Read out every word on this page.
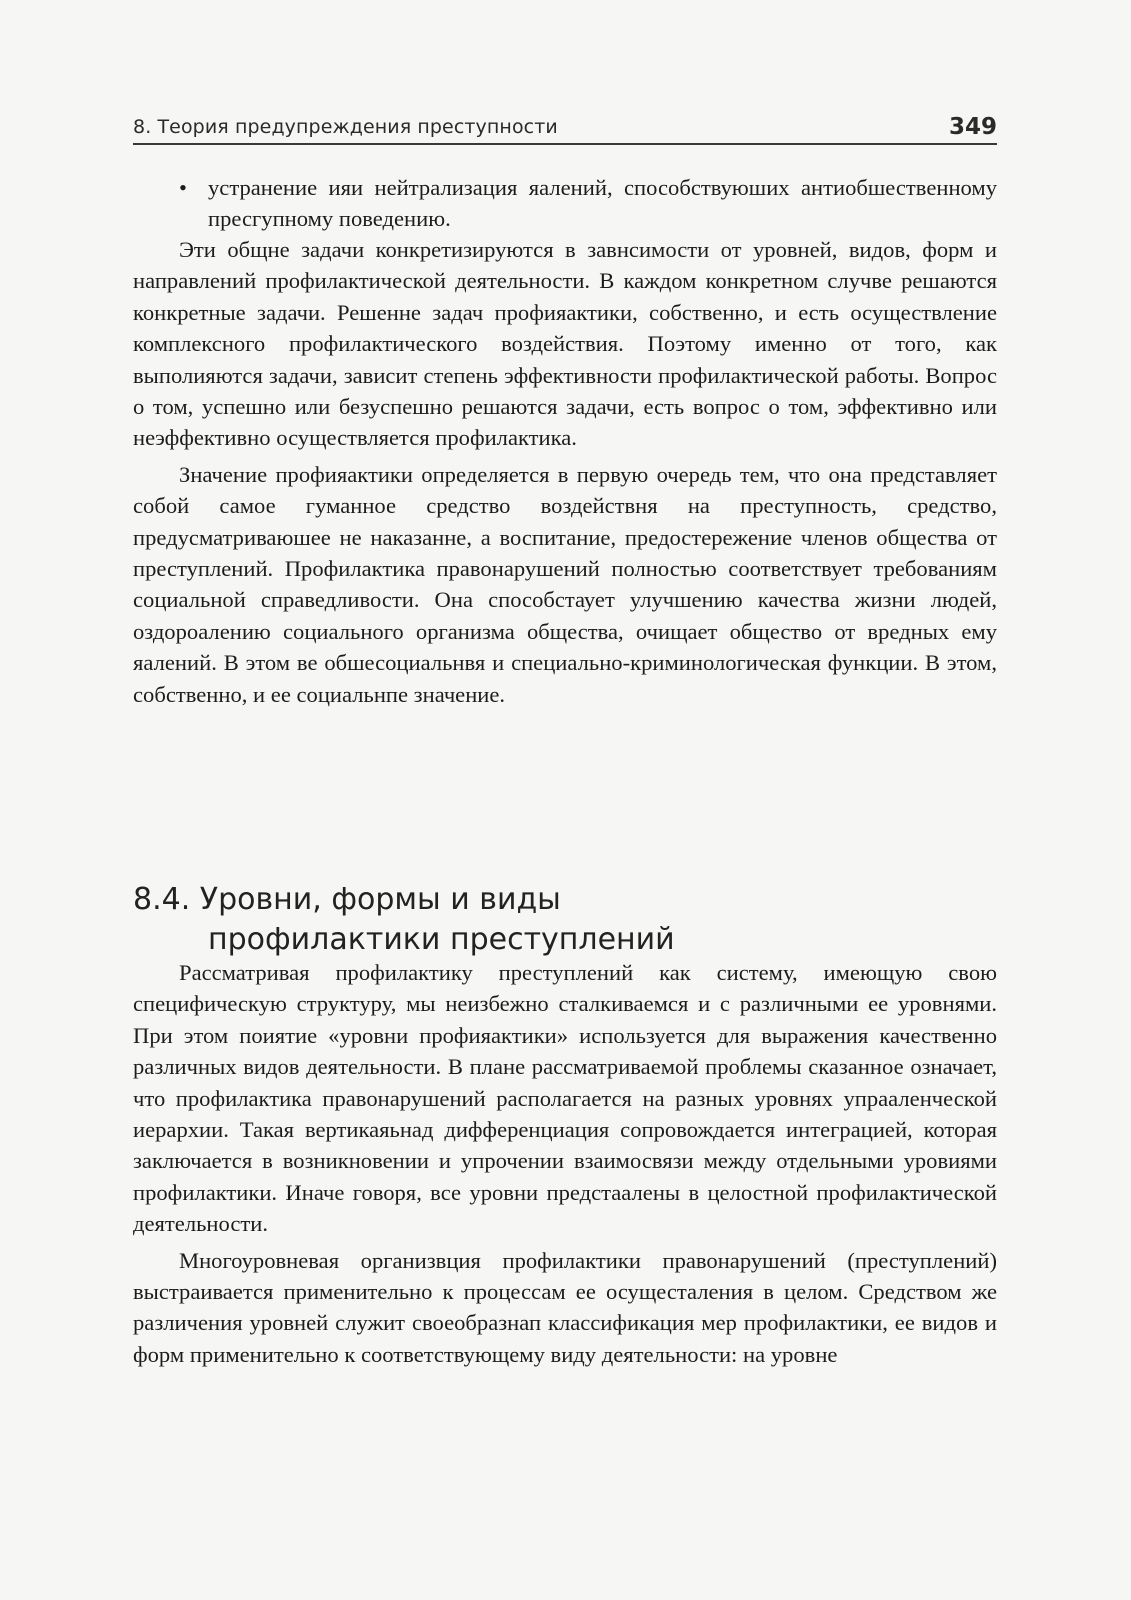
8. Теория предупреждения преступности	349
• устранение ияи нейтрализация яалений, способствуюших антиобшественному пресгупному поведению.

Эти общне задачи конкретизируются в завнсимости от уровней, видов, форм и направлений профилактической деятельности. В каждом конкретном случве решаются конкретные задачи. Решенне задач профияактики, собственно, и есть осуществление комплексного профилактического воздействия. Поэтому именно от того, как выполияются задачи, зависит степень эффективности профилактической работы. Вопрос о том, успешно или безуспешно решаются задачи, есть вопрос о том, эффективно или неэффективно осуществляется профилактика.

Значение профияактики определяется в первую очередь тем, что она представляет собой самое гуманное средство воздействня на преступность, средство, предусматриваюшее не наказанне, а воспитание, предостережение членов общества от преступлений. Профилактика правонарушений полностью соответствует требованиям социальной справедливости. Она способстаует улучшению качества жизни людей, оздороалению социального организма общества, очищает общество от вредных ему яалений. В этом ве обшесоциальнвя и специально-криминологическая функции. В этом, собственно, и ее социальнпе значение.

8.4. Уровни, формы и виды
профилактики преступлений

Рассматривая профилактику преступлений как систему, имеющую свою специфическую структуру, мы неизбежно сталкиваемся и с различными ее уровнями. При этом поиятие «уровни профияактики» используется для выражения качественно различных видов деятельности. В плане рассматриваемой проблемы сказанное означает, что профилактика правонарушений располагается на разных уровнях упрааленческой иерархии. Такая вертикаяьнад дифференциация сопровождается интеграцией, которая заключается в возникновении и упрочении взаимосвязи между отдельными уровиями профилактики. Иначе говоря, все уровни предстаалены в целостной профилактической деятельности.

Многоуровневая организвция профилактики правонарушений (преступлений) выстраивается применительно к процессам ее осущесталения в целом. Средством же различения уровней служит своеобразнап классификация мер профилактики, ее видов и форм применительно к соответствующему виду деятельности: на уровне
